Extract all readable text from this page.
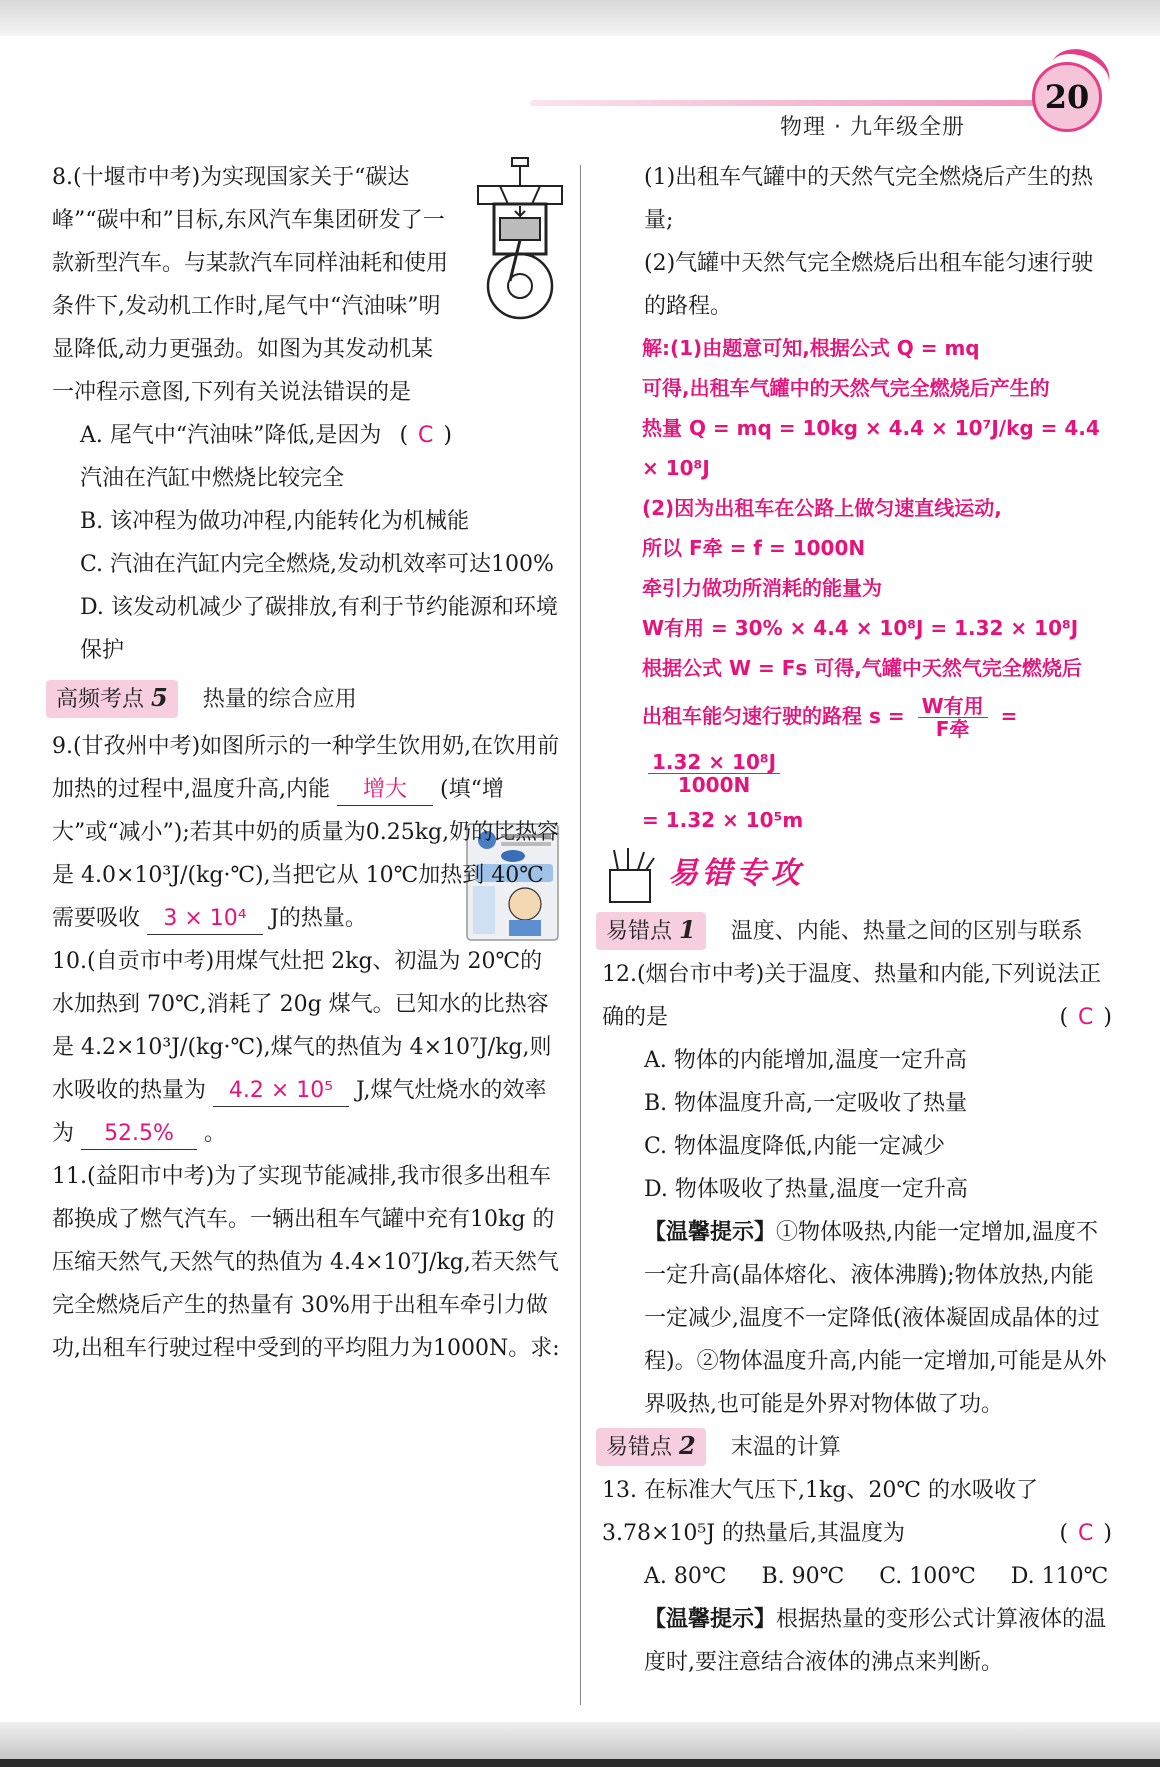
物理 · 九年级全册
20

8.(十堰市中考)为实现国家关于“碳达峰”“碳中和”目标,东风汽车集团研发了一款新型汽车。与某款汽车同样油耗和使用条件下,发动机工作时,尾气中“汽油味”明显降低,动力更强劲。如图为其发动机某一冲程示意图,下列有关说法错误的是
( C )

A. 尾气中“汽油味”降低,是因为汽油在汽缸中燃烧比较完全

B. 该冲程为做功冲程,内能转化为机械能

C. 汽油在汽缸内完全燃烧,发动机效率可达100%

D. 该发动机减少了碳排放,有利于节约能源和环境保护

高频考点 5 热量的综合应用

9.(甘孜州中考)如图所示的一种学生饮用奶,在饮用前加热的过程中,温度升高,内能 增大 (填“增大”或“减小”);若其中奶的质量为0.25kg,奶的比热容是 4.0×10³J/(kg·℃),当把它从 10℃加热到 40℃需要吸收 3 × 10⁴ J的热量。

10.(自贡市中考)用煤气灶把 2kg、初温为 20℃的水加热到 70℃,消耗了 20g 煤气。已知水的比热容是 4.2×10³J/(kg·℃),煤气的热值为 4×10⁷J/kg,则水吸收的热量为 4.2 × 10⁵ J,煤气灶烧水的效率为 52.5% 。

11.(益阳市中考)为了实现节能减排,我市很多出租车都换成了燃气汽车。一辆出租车气罐中充有10kg 的压缩天然气,天然气的热值为 4.4×10⁷J/kg,若天然气完全燃烧后产生的热量有 30%用于出租车牵引力做功,出租车行驶过程中受到的平均阻力为1000N。求:

(1)出租车气罐中的天然气完全燃烧后产生的热量;

(2)气罐中天然气完全燃烧后出租车能匀速行驶的路程。

解:(1)由题意可知,根据公式 Q = mq

可得,出租车气罐中的天然气完全燃烧后产生的

热量 Q = mq = 10kg × 4.4 × 10⁷J/kg = 4.4 × 10⁸J

(2)因为出租车在公路上做匀速直线运动,

所以 F牵 = f = 1000N

牵引力做功所消耗的能量为

W有用 = 30% × 4.4 × 10⁸J = 1.32 × 10⁸J

根据公式 W = Fs 可得,气罐中天然气完全燃烧后

出租车能匀速行驶的路程 $s = \frac{\text{W有用}}{\text{F牵}}$ =
$\frac{\text{1.32 × 10⁸J}}{1000N}$

= 1.32 × 10⁵m

易错专攻
易错点 1 温度、内能、热量之间的区别与联系

12.(烟台市中考)关于温度、热量和内能,下列说法正确的是	( C )

A. 物体的内能增加,温度一定升高

B. 物体温度升高,一定吸收了热量

C. 物体温度降低,内能一定减少

D. 物体吸收了热量,温度一定升高

【温馨提示】①物体吸热,内能一定增加,温度不一定升高(晶体熔化、液体沸腾);物体放热,内能一定减少,温度不一定降低(液体凝固成晶体的过程)。②物体温度升高,内能一定增加,可能是从外界吸热,也可能是外界对物体做了功。

易错点 2 末温的计算

13. 在标准大气压下,1kg、20℃ 的水吸收了 3.78×10⁵J 的热量后,其温度为	( C )

A. 80℃ B. 90℃ C. 100℃ D. 110℃

【温馨提示】根据热量的变形公式计算液体的温度时,要注意结合液体的沸点来判断。
